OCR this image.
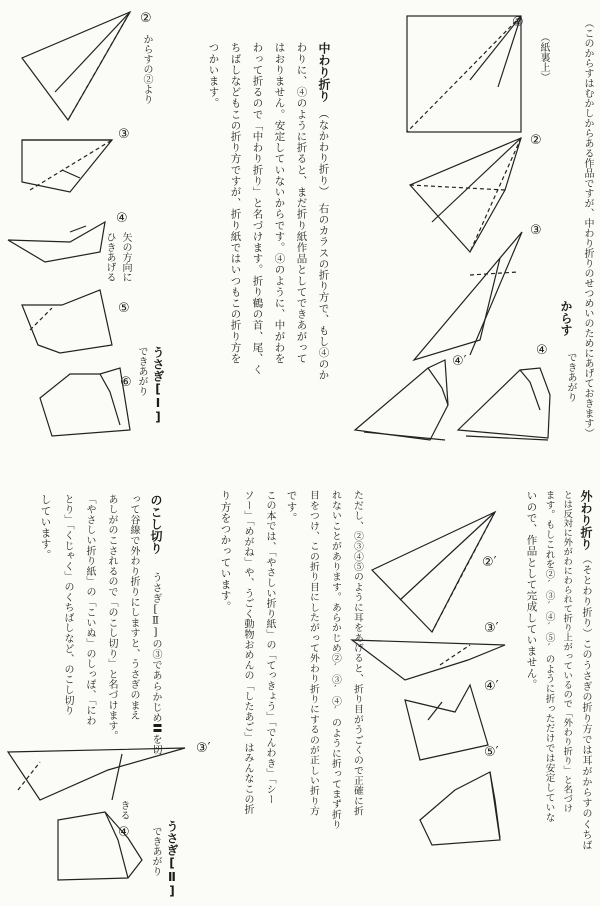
（このからすはむかしからある作品ですが、中わり折りのせつめいのためにあげておきます）
①
（紙裏上）
②
③
からす
④
④′	できあがり
中わり折り
（なかわり折り）　右のカラスの折り方で、もし④のか
わりに、④のように折ると、まだ折り紙作品としてできあがって
はおりません。安定していないからです。④のように、中がわを
わって折るので「中わり折り」と名づけます。折り鶴の首、尾、く
ちばしなどもこの折り方ですが、折り紙ではいつもこの折り方を
つかいます。
②
からすの②より
③
④
矢の方向に
ひきあげる
⑤
⑥ うさぎ[Ⅰ]
できあがり
外わり折り
（そとわり折り）このうさぎの折り方では耳がからすのくちば
とは反対に外がわにわられて折り上がっているので「外わり折り」と名づけ
ます。もしこれを②′③′④′⑤′のように折っただけでは安定していな
いので、作品として完成していません。
②′
③′
④′
⑤′
ただし、②③④⑤のように耳をあげると、折り目がうごくので正確に折
れないことがあります。あらかじめ②′③′④′のように折ってまず折り
目をつけ、この折り目にしたがって外わり折りにするのが正しい折り方
です。
この本では、「やさしい折り紙」の「てっきょう」「でんわき」「シー
ソー」「めがね」や、うごく動物おめんの「したあご」はみんなこの折
り方をつかっています。
のこし切り
うさぎ[Ⅱ]の③であらかじめ〓を切
って谷線で外わり折りにしますと、うさぎのまえ
あしがのこされるので「のこし切り」と名づけます。
「やさしい折り紙」の「こいぬ」のしっぽ、「にわ
とり」「くじゃく」のくちばしなど、のこし切り
しています。
③′
きる
④	うさぎ[Ⅱ]
できあがり
